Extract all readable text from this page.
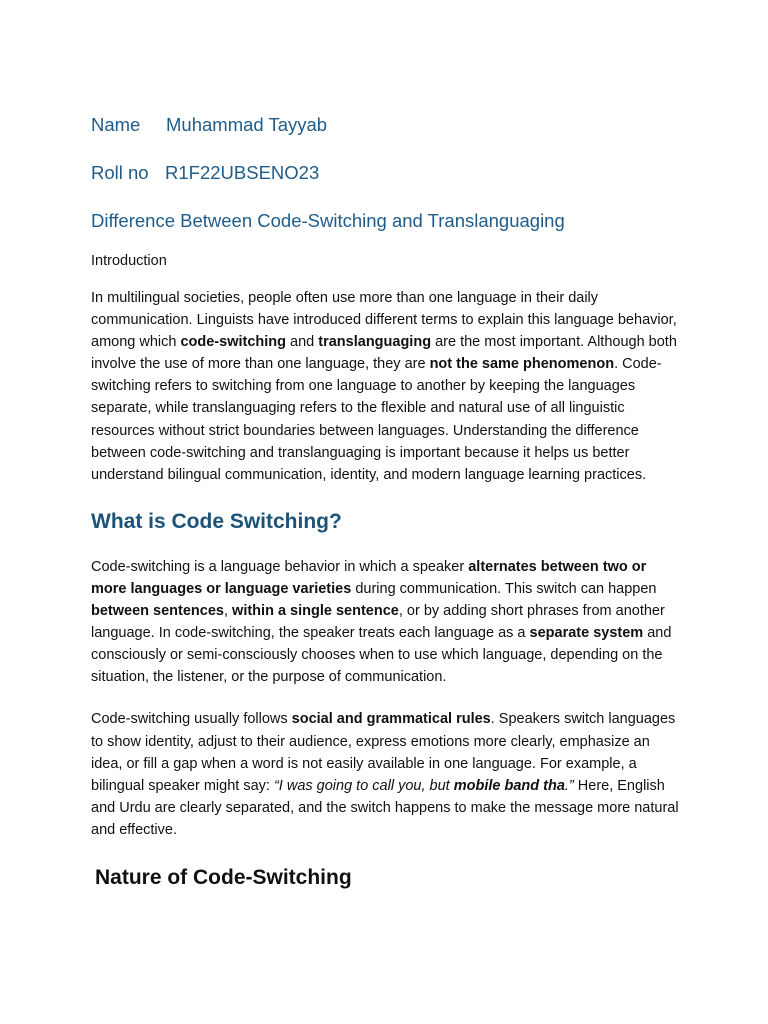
Name	Muhammad Tayyab
Roll no R1F22UBSENO23
Difference Between Code-Switching and Translanguaging

Introduction

In multilingual societies, people often use more than one language in their daily communication. Linguists have introduced different terms to explain this language behavior, among which code-switching and translanguaging are the most important. Although both involve the use of more than one language, they are not the same phenomenon. Code-switching refers to switching from one language to another by keeping the languages separate, while translanguaging refers to the flexible and natural use of all linguistic resources without strict boundaries between languages. Understanding the difference between code-switching and translanguaging is important because it helps us better understand bilingual communication, identity, and modern language learning practices.

What is Code Switching?

Code-switching is a language behavior in which a speaker alternates between two or more languages or language varieties during communication. This switch can happen between sentences, within a single sentence, or by adding short phrases from another language. In code-switching, the speaker treats each language as a separate system and consciously or semi-consciously chooses when to use which language, depending on the situation, the listener, or the purpose of communication.

Code-switching usually follows social and grammatical rules. Speakers switch languages to show identity, adjust to their audience, express emotions more clearly, emphasize an idea, or fill a gap when a word is not easily available in one language. For example, a bilingual speaker might say: “I was going to call you, but mobile band tha.” Here, English and Urdu are clearly separated, and the switch happens to make the message more natural and effective.

Nature of Code-Switching
